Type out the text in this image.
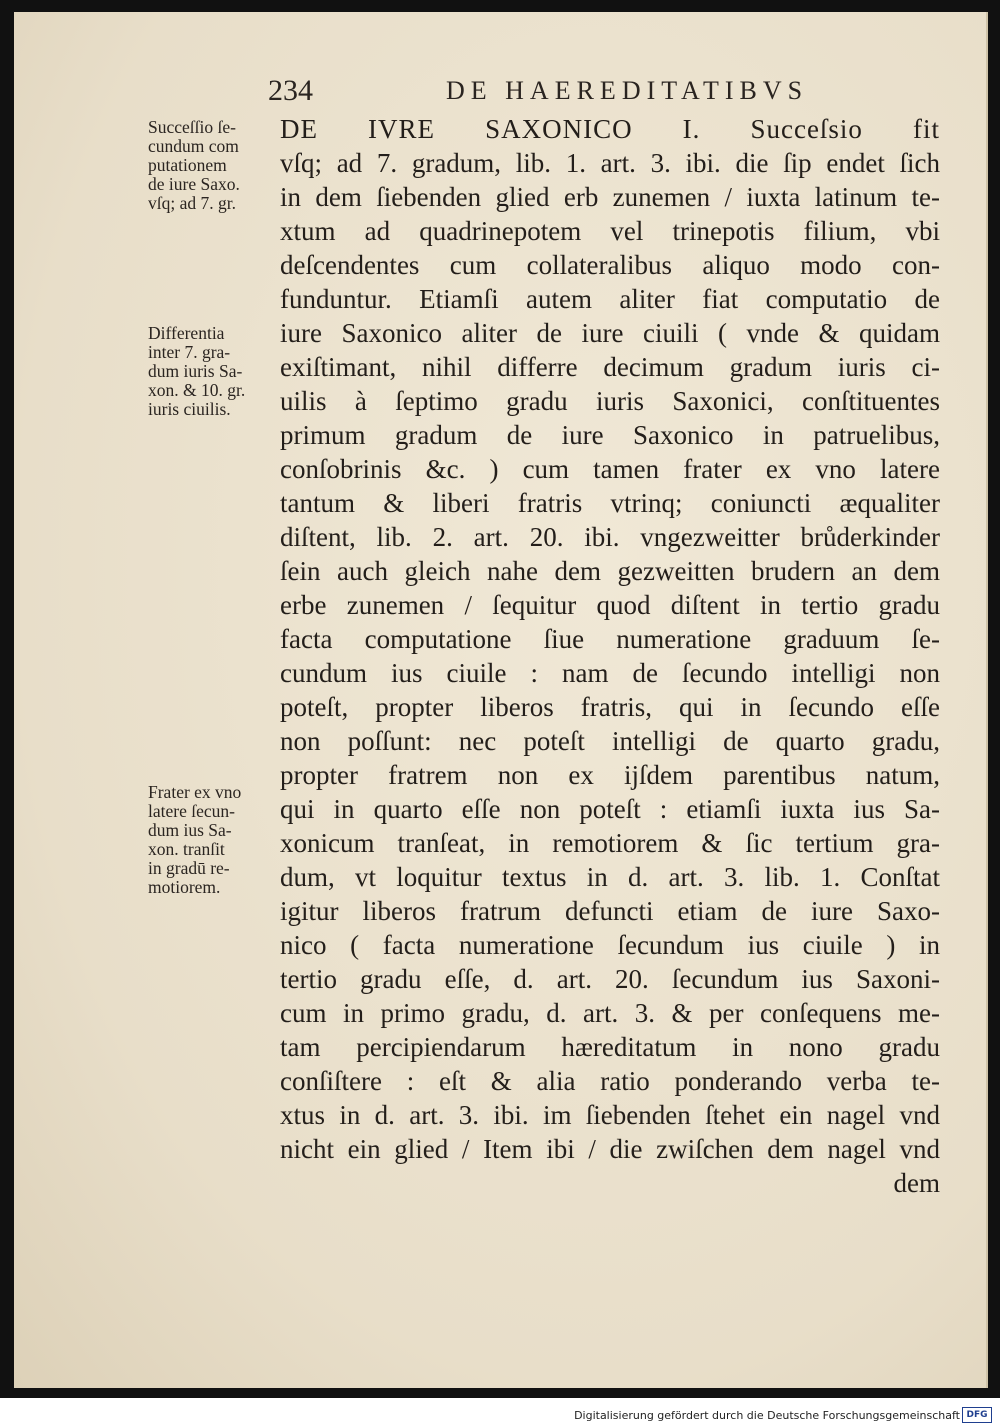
234	DE HAEREDITATIBVS
Succeſſio ſe-
cundum com
putationem
de iure Saxo.
vſq; ad 7. gr.
Differentia
inter 7. gra-
dum iuris Sa-
xon. & 10. gr.
iuris ciuilis.
Frater ex vno
latere ſecun-
dum ius Sa-
xon. tranſit
in gradū re-
motiorem.
DE IVRE SAXONICO I. Succeſsio fit
vſq; ad 7. gradum, lib. 1. art. 3. ibi. die ſip endet ſich
in dem ſiebenden glied erb zunemen / iuxta latinum te-
xtum ad quadrinepotem vel trinepotis filium, vbi
deſcendentes cum collateralibus aliquo modo con-
funduntur. Etiamſi autem aliter fiat computatio de
iure Saxonico aliter de iure ciuili ( vnde & quidam
exiſtimant, nihil differre decimum gradum iuris ci-
uilis à ſeptimo gradu iuris Saxonici, conſtituentes
primum gradum de iure Saxonico in patruelibus,
conſobrinis &c. ) cum tamen frater ex vno latere
tantum & liberi fratris vtrinq; coniuncti æqualiter
diſtent, lib. 2. art. 20. ibi. vngezweitter brůderkinder
ſein auch gleich nahe dem gezweitten brudern an dem
erbe zunemen / ſequitur quod diſtent in tertio gradu
facta computatione ſiue numeratione graduum ſe-
cundum ius ciuile : nam de ſecundo intelligi non
poteſt, propter liberos fratris, qui in ſecundo eſſe
non poſſunt: nec poteſt intelligi de quarto gradu,
propter fratrem non ex ijſdem parentibus natum,
qui in quarto eſſe non poteſt : etiamſi iuxta ius Sa-
xonicum tranſeat, in remotiorem & ſic tertium gra-
dum, vt loquitur textus in d. art. 3. lib. 1. Conſtat
igitur liberos fratrum defuncti etiam de iure Saxo-
nico ( facta numeratione ſecundum ius ciuile ) in
tertio gradu eſſe, d. art. 20. ſecundum ius Saxoni-
cum in primo gradu, d. art. 3. & per conſequens me-
tam percipiendarum hæreditatum in nono gradu
conſiſtere : eſt & alia ratio ponderando verba te-
xtus in d. art. 3. ibi. im ſiebenden ſtehet ein nagel vnd
nicht ein glied / Item ibi / die zwiſchen dem nagel vnd
dem
Digitalisierung gefördert durch die Deutsche Forschungsgemeinschaft DFG
